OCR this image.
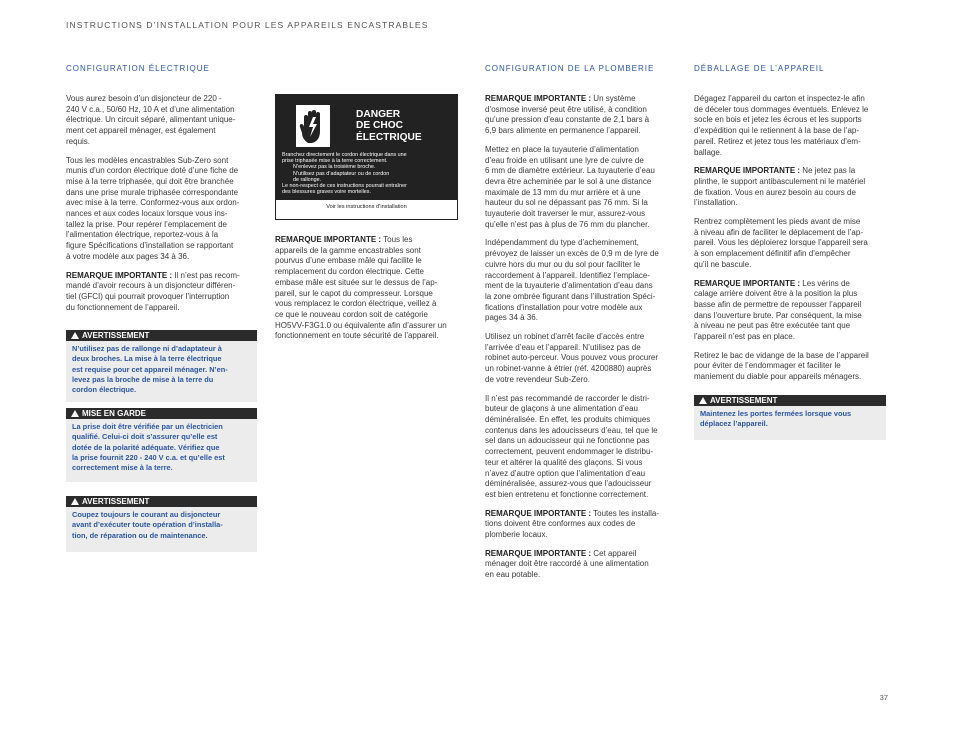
INSTRUCTIONS D’INSTALLATION POUR LES APPAREILS ENCASTRABLES
CONFIGURATION ÉLECTRIQUE

Vous aurez besoin d’un disjoncteur de 220 -
240 V c.a., 50/60 Hz, 10 A et d’une alimentation
électrique. Un circuit séparé, alimentant unique-
ment cet appareil ménager, est également
requis.

Tous les modèles encastrables Sub-Zero sont
munis d’un cordon électrique doté d’une fiche de
mise à la terre triphasée, qui doit être branchée
dans une prise murale triphasée correspondante
avec mise à la terre. Conformez-vous aux ordon-
nances et aux codes locaux lorsque vous ins-
tallez la prise. Pour repérer l’emplacement de
l’alimentation électrique, reportez-vous à la
figure Spécifications d’installation se rapportant
à votre modèle aux pages 34 à 36.

REMARQUE IMPORTANTE : Il n’est pas recom-
mandé d’avoir recours à un disjoncteur différen-
tiel (GFCI) qui pourrait provoquer l’interruption
du fonctionnement de l’appareil.

AVERTISSEMENT
N’utilisez pas de rallonge ni d’adaptateur à
deux broches. La mise à la terre électrique
est requise pour cet appareil ménager. N’en-
levez pas la broche de mise à la terre du
cordon électrique.
MISE EN GARDE
La prise doit être vérifiée par un électricien
qualifié. Celui-ci doit s’assurer qu’elle est
dotée de la polarité adéquate. Vérifiez que
la prise fournit 220 - 240 V c.a. et qu’elle est
correctement mise à la terre.
AVERTISSEMENT
Coupez toujours le courant au disjoncteur
avant d’exécuter toute opération d’installa-
tion, de réparation ou de maintenance.
DANGER
DE CHOC
ÉLECTRIQUE
Branchez directement le cordon électrique dans une
prise triphasée mise à la terre correctement.
N’enlevez pas la troisième broche.
N’utilisez pas d’adaptateur ou de cordon
de rallonge.
Le non-respect de ces instructions pourrait entraîner
des blessures graves voire mortelles.
Voir les instructions d’installation

REMARQUE IMPORTANTE : Tous les
appareils de la gamme encastrables sont
pourvus d’une embase mâle qui facilite le
remplacement du cordon électrique. Cette
embase mâle est située sur le dessus de l’ap-
pareil, sur le capot du compresseur. Lorsque
vous remplacez le cordon électrique, veillez à
ce que le nouveau cordon soit de catégorie
HO5VV-F3G1.0 ou équivalente afin d’assurer un
fonctionnement en toute sécurité de l’appareil.

CONFIGURATION DE LA PLOMBERIE

REMARQUE IMPORTANTE : Un système
d’osmose inversé peut être utilisé, à condition
qu’une pression d’eau constante de 2,1 bars à
6,9 bars alimente en permanence l’appareil.

Mettez en place la tuyauterie d’alimentation
d’eau froide en utilisant une lyre de cuivre de
6 mm de diamètre extérieur. La tuyauterie d’eau
devra être acheminée par le sol à une distance
maximale de 13 mm du mur arrière et à une
hauteur du sol ne dépassant pas 76 mm. Si la
tuyauterie doit traverser le mur, assurez-vous
qu’elle n’est pas à plus de 76 mm du plancher.

Indépendamment du type d’acheminement,
prévoyez de laisser un excès de 0,9 m de lyre de
cuivre hors du mur ou du sol pour faciliter le
raccordement à l’appareil. Identifiez l’emplace-
ment de la tuyauterie d’alimentation d’eau dans
la zone ombrée figurant dans l’illustration Spéci-
fications d’installation pour votre modèle aux
pages 34 à 36.

Utilisez un robinet d’arrêt facile d’accès entre
l’arrivée d’eau et l’appareil. N’utilisez pas de
robinet auto-perceur. Vous pouvez vous procurer
un robinet-vanne à étrier (réf. 4200880) auprès
de votre revendeur Sub-Zero.

Il n’est pas recommandé de raccorder le distri-
buteur de glaçons à une alimentation d’eau
déminéralisée. En effet, les produits chimiques
contenus dans les adoucisseurs d’eau, tel que le
sel dans un adoucisseur qui ne fonctionne pas
correctement, peuvent endommager le distribu-
teur et altérer la qualité des glaçons. Si vous
n’avez d’autre option que l’alimentation d’eau
déminéralisée, assurez-vous que l’adoucisseur
est bien entretenu et fonctionne correctement.

REMARQUE IMPORTANTE : Toutes les installa-
tions doivent être conformes aux codes de
plomberie locaux.

REMARQUE IMPORTANTE : Cet appareil
ménager doit être raccordé à une alimentation
en eau potable.

DÉBALLAGE DE L’APPAREIL

Dégagez l’appareil du carton et inspectez-le afin
de déceler tous dommages éventuels. Enlevez le
socle en bois et jetez les écrous et les supports
d’expédition qui le retiennent à la base de l’ap-
pareil. Retirez et jetez tous les matériaux d’em-
ballage.

REMARQUE IMPORTANTE : Ne jetez pas la
plinthe, le support antibasculement ni le matériel
de fixation. Vous en aurez besoin au cours de
l’installation.

Rentrez complètement les pieds avant de mise
à niveau afin de faciliter le déplacement de l’ap-
pareil. Vous les déploierez lorsque l’appareil sera
à son emplacement définitif afin d’empêcher
qu’il ne bascule.

REMARQUE IMPORTANTE : Les vérins de
calage arrière doivent être à la position la plus
basse afin de permettre de repousser l’appareil
dans l’ouverture brute. Par conséquent, la mise
à niveau ne peut pas être exécutée tant que
l’appareil n’est pas en place.

Retirez le bac de vidange de la base de l’appareil
pour éviter de l’endommager et faciliter le
maniement du diable pour appareils ménagers.

AVERTISSEMENT
Maintenez les portes fermées lorsque vous
déplacez l’appareil.
37
